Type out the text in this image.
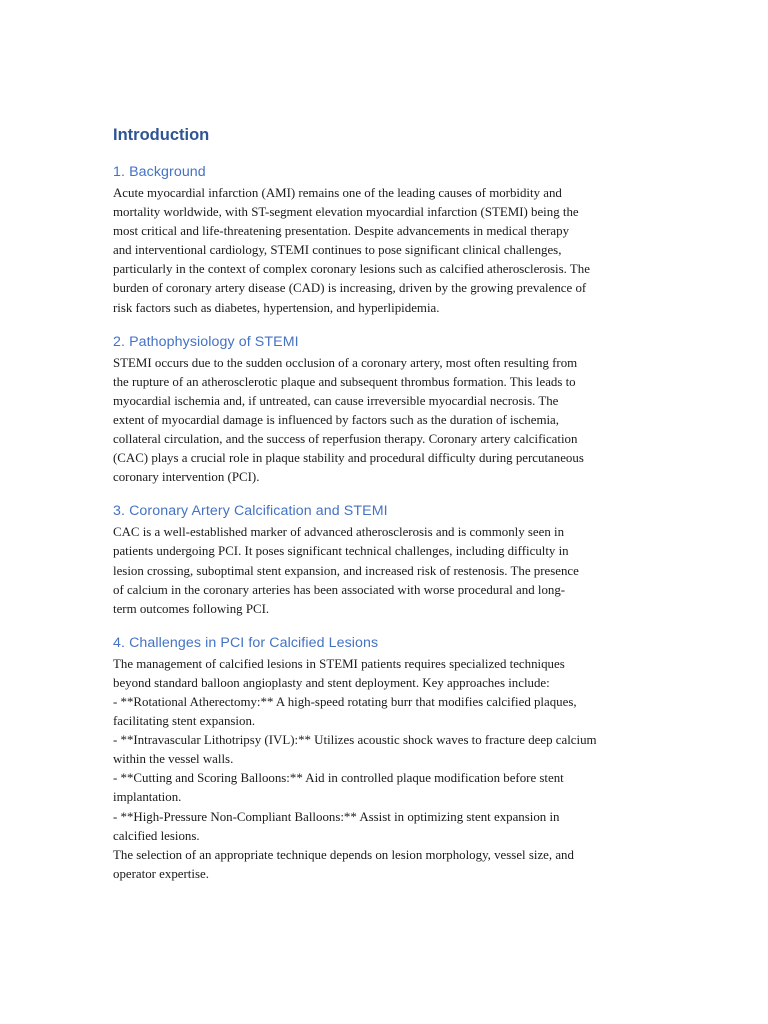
Introduction
1. Background

Acute myocardial infarction (AMI) remains one of the leading causes of morbidity and
mortality worldwide, with ST-segment elevation myocardial infarction (STEMI) being the
most critical and life-threatening presentation. Despite advancements in medical therapy
and interventional cardiology, STEMI continues to pose significant clinical challenges,
particularly in the context of complex coronary lesions such as calcified atherosclerosis. The
burden of coronary artery disease (CAD) is increasing, driven by the growing prevalence of
risk factors such as diabetes, hypertension, and hyperlipidemia.

2. Pathophysiology of STEMI

STEMI occurs due to the sudden occlusion of a coronary artery, most often resulting from
the rupture of an atherosclerotic plaque and subsequent thrombus formation. This leads to
myocardial ischemia and, if untreated, can cause irreversible myocardial necrosis. The
extent of myocardial damage is influenced by factors such as the duration of ischemia,
collateral circulation, and the success of reperfusion therapy. Coronary artery calcification
(CAC) plays a crucial role in plaque stability and procedural difficulty during percutaneous
coronary intervention (PCI).

3. Coronary Artery Calcification and STEMI

CAC is a well-established marker of advanced atherosclerosis and is commonly seen in
patients undergoing PCI. It poses significant technical challenges, including difficulty in
lesion crossing, suboptimal stent expansion, and increased risk of restenosis. The presence
of calcium in the coronary arteries has been associated with worse procedural and long-
term outcomes following PCI.

4. Challenges in PCI for Calcified Lesions

The management of calcified lesions in STEMI patients requires specialized techniques
beyond standard balloon angioplasty and stent deployment. Key approaches include:
- **Rotational Atherectomy:** A high-speed rotating burr that modifies calcified plaques,
facilitating stent expansion.
- **Intravascular Lithotripsy (IVL):** Utilizes acoustic shock waves to fracture deep calcium
within the vessel walls.
- **Cutting and Scoring Balloons:** Aid in controlled plaque modification before stent
implantation.
- **High-Pressure Non-Compliant Balloons:** Assist in optimizing stent expansion in
calcified lesions.
The selection of an appropriate technique depends on lesion morphology, vessel size, and
operator expertise.
